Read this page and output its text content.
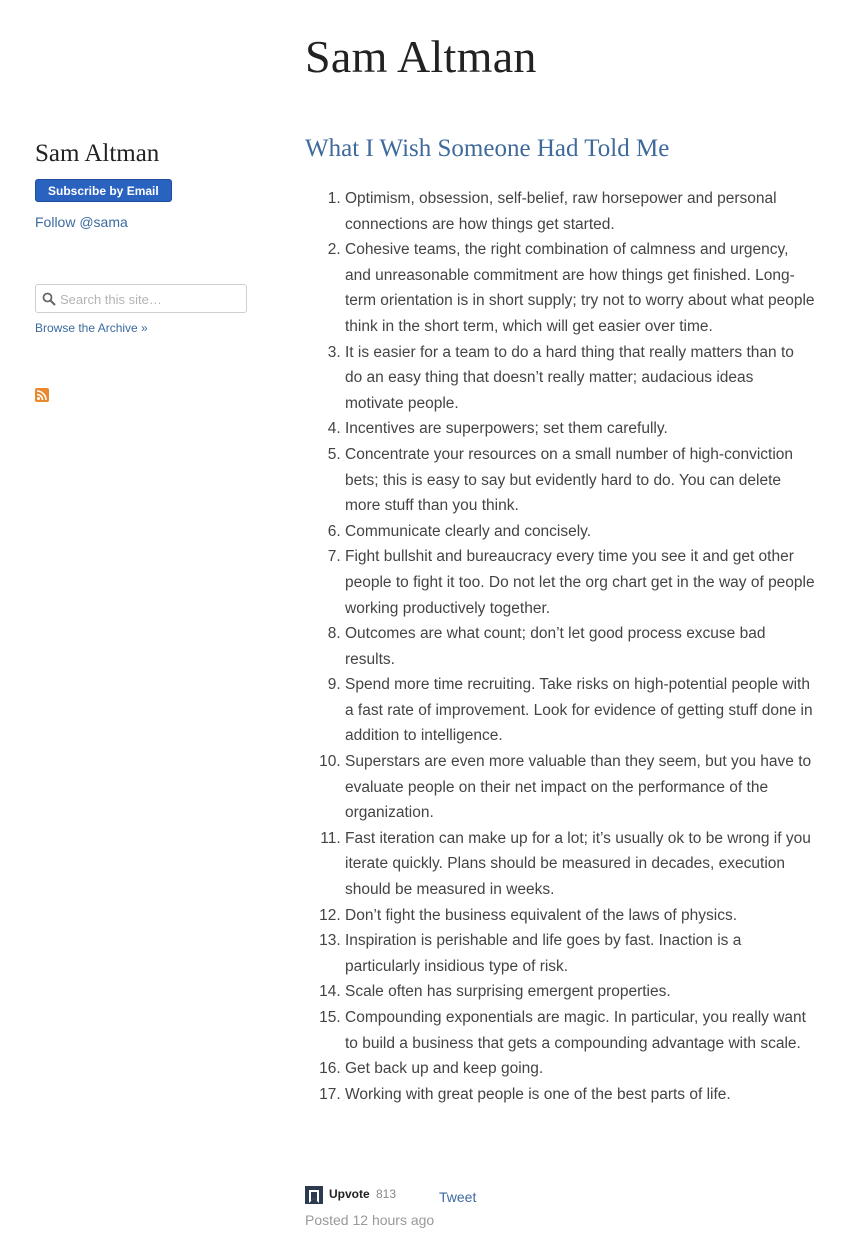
Sam Altman
Sam Altman
Subscribe by Email
Follow @sama
Search this site…
Browse the Archive »
What I Wish Someone Had Told Me
1. Optimism, obsession, self-belief, raw horsepower and personal connections are how things get started.
2. Cohesive teams, the right combination of calmness and urgency, and unreasonable commitment are how things get finished. Long-term orientation is in short supply; try not to worry about what people think in the short term, which will get easier over time.
3. It is easier for a team to do a hard thing that really matters than to do an easy thing that doesn’t really matter; audacious ideas motivate people.
4. Incentives are superpowers; set them carefully.
5. Concentrate your resources on a small number of high-conviction bets; this is easy to say but evidently hard to do. You can delete more stuff than you think.
6. Communicate clearly and concisely.
7. Fight bullshit and bureaucracy every time you see it and get other people to fight it too. Do not let the org chart get in the way of people working productively together.
8. Outcomes are what count; don’t let good process excuse bad results.
9. Spend more time recruiting. Take risks on high-potential people with a fast rate of improvement. Look for evidence of getting stuff done in addition to intelligence.
10. Superstars are even more valuable than they seem, but you have to evaluate people on their net impact on the performance of the organization.
11. Fast iteration can make up for a lot; it’s usually ok to be wrong if you iterate quickly. Plans should be measured in decades, execution should be measured in weeks.
12. Don’t fight the business equivalent of the laws of physics.
13. Inspiration is perishable and life goes by fast. Inaction is a particularly insidious type of risk.
14. Scale often has surprising emergent properties.
15. Compounding exponentials are magic. In particular, you really want to build a business that gets a compounding advantage with scale.
16. Get back up and keep going.
17. Working with great people is one of the best parts of life.
Upvote 813	Tweet
Posted 12 hours ago
